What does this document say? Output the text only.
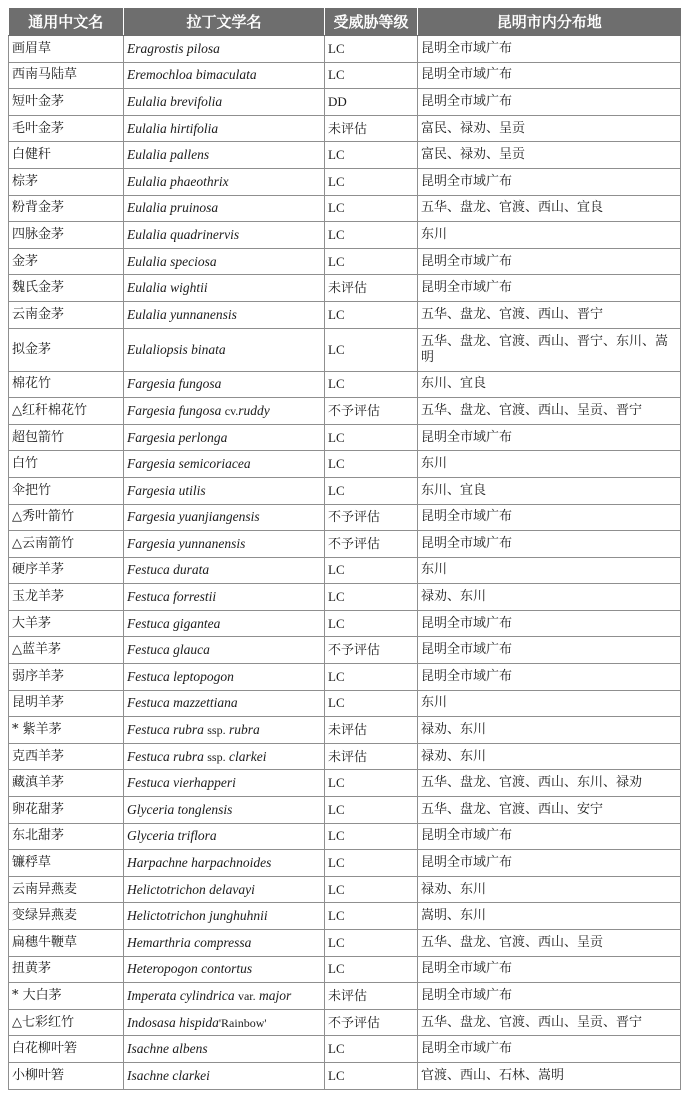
通用中文名	拉丁文学名	受威胁等级	昆明市内分布地
画眉草	Eragrostis pilosa	LC	昆明全市域广布
西南马陆草	Eremochloa bimaculata	LC	昆明全市域广布
短叶金茅	Eulalia brevifolia	DD	昆明全市域广布
毛叶金茅	Eulalia hirtifolia	未评估	富民、禄劝、呈贡
白健秆	Eulalia pallens	LC	富民、禄劝、呈贡
棕茅	Eulalia phaeothrix	LC	昆明全市域广布
粉背金茅	Eulalia pruinosa	LC	五华、盘龙、官渡、西山、宜良
四脉金茅	Eulalia quadrinervis	LC	东川
金茅	Eulalia speciosa	LC	昆明全市域广布
魏氏金茅	Eulalia wightii	未评估	昆明全市域广布
云南金茅	Eulalia yunnanensis	LC	五华、盘龙、官渡、西山、晋宁
拟金茅	Eulaliopsis binata	LC	五华、盘龙、官渡、西山、晋宁、东川、嵩明
棉花竹	Fargesia fungosa	LC	东川、宜良
△红秆棉花竹	Fargesia fungosa cv.ruddy	不予评估	五华、盘龙、官渡、西山、呈贡、晋宁
超包箭竹	Fargesia perlonga	LC	昆明全市域广布
白竹	Fargesia semicoriacea	LC	东川
伞把竹	Fargesia utilis	LC	东川、宜良
△秀叶箭竹	Fargesia yuanjiangensis	不予评估	昆明全市域广布
△云南箭竹	Fargesia yunnanensis	不予评估	昆明全市域广布
硬序羊茅	Festuca durata	LC	东川
玉龙羊茅	Festuca forrestii	LC	禄劝、东川
大羊茅	Festuca gigantea	LC	昆明全市域广布
△蓝羊茅	Festuca glauca	不予评估	昆明全市域广布
弱序羊茅	Festuca leptopogon	LC	昆明全市域广布
昆明羊茅	Festuca mazzettiana	LC	东川
* 紫羊茅	Festuca rubra ssp. rubra	未评估	禄劝、东川
克西羊茅	Festuca rubra ssp. clarkei	未评估	禄劝、东川
藏滇羊茅	Festuca vierhapperi	LC	五华、盘龙、官渡、西山、东川、禄劝
卵花甜茅	Glyceria tonglensis	LC	五华、盘龙、官渡、西山、安宁
东北甜茅	Glyceria triflora	LC	昆明全市域广布
镰稃草	Harpachne harpachnoides	LC	昆明全市域广布
云南异燕麦	Helictotrichon delavayi	LC	禄劝、东川
变绿异燕麦	Helictotrichon junghuhnii	LC	嵩明、东川
扁穗牛鞭草	Hemarthria compressa	LC	五华、盘龙、官渡、西山、呈贡
扭黄茅	Heteropogon contortus	LC	昆明全市域广布
* 大白茅	Imperata cylindrica var. major	未评估	昆明全市域广布
△七彩红竹	Indosasa hispida'Rainbow'	不予评估	五华、盘龙、官渡、西山、呈贡、晋宁
白花柳叶箬	Isachne albens	LC	昆明全市域广布
小柳叶箬	Isachne clarkei	LC	官渡、西山、石林、嵩明
